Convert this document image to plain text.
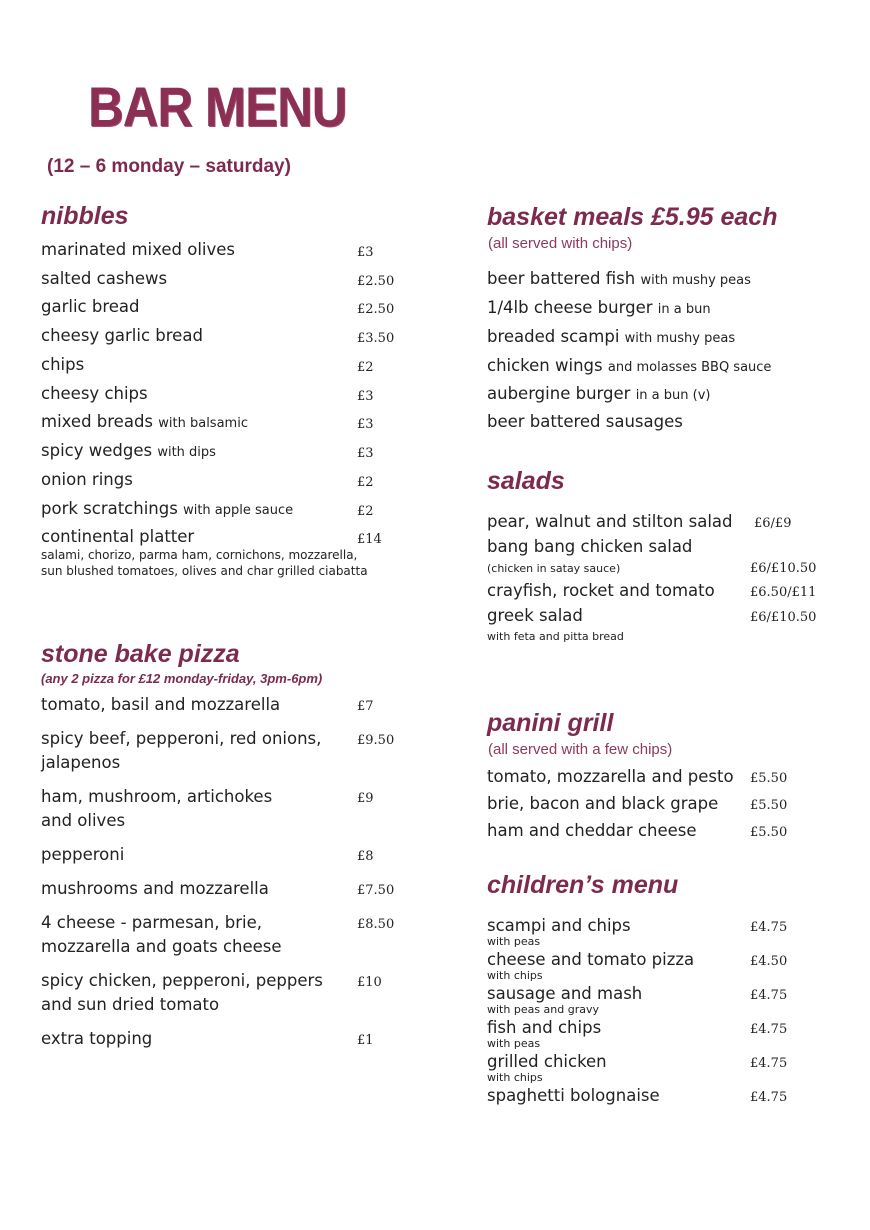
BAR MENU
(12 – 6 monday – saturday)
nibbles
marinated mixed olives	£3
salted cashews	£2.50
garlic bread	£2.50
cheesy garlic bread	£3.50
chips	£2
cheesy chips	£3
mixed breads with balsamic	£3
spicy wedges with dips	£3
onion rings	£2
pork scratchings with apple sauce	£2
continental platter	£14
salami, chorizo, parma ham, cornichons, mozzarella,
sun blushed tomatoes, olives and char grilled ciabatta
stone bake pizza
(any 2 pizza for £12 monday-friday, 3pm-6pm)
tomato, basil and mozzarella	£7
spicy beef, pepperoni, red onions,
jalapenos
£9.50
ham, mushroom, artichokes
and olives
£9
pepperoni	£8
mushrooms and mozzarella	£7.50
4 cheese - parmesan, brie,
mozzarella and goats cheese
£8.50
spicy chicken, pepperoni, peppers
and sun dried tomato
£10
extra topping	£1
basket meals £5.95 each
(all served with chips)
beer battered fish with mushy peas
1/4lb cheese burger in a bun
breaded scampi with mushy peas
chicken wings and molasses BBQ sauce
aubergine burger in a bun (v)
beer battered sausages
salads
pear, walnut and stilton salad £6/£9
bang bang chicken salad
(chicken in satay sauce)	£6/£10.50
crayfish, rocket and tomato	£6.50/£11
greek salad	£6/£10.50
with feta and pitta bread
panini grill
(all served with a few chips)
tomato, mozzarella and pesto £5.50
brie, bacon and black grape £5.50
ham and cheddar cheese	£5.50
children’s menu
scampi and chips
with peas
£4.75
cheese and tomato pizza
with chips
£4.50
sausage and mash
with peas and gravy
£4.75
fish and chips
with peas
£4.75
grilled chicken
with chips
£4.75
spaghetti bolognaise	£4.75
